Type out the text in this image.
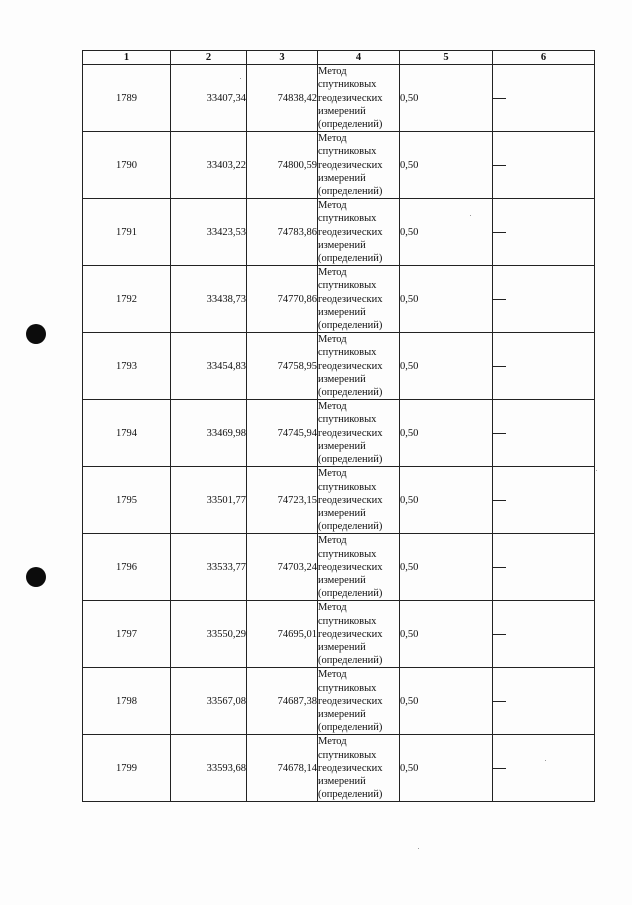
1	2	3	4	5	6
1789	33407,34	74838,42	Метод
спутниковых
геодезических
измерений
(определений)	0,50	
1790	33403,22	74800,59	Метод
спутниковых
геодезических
измерений
(определений)	0,50	
1791	33423,53	74783,86	Метод
спутниковых
геодезических
измерений
(определений)	0,50	
1792	33438,73	74770,86	Метод
спутниковых
геодезических
измерений
(определений)	0,50	
1793	33454,83	74758,95	Метод
спутниковых
геодезических
измерений
(определений)	0,50	
1794	33469,98	74745,94	Метод
спутниковых
геодезических
измерений
(определений)	0,50	
1795	33501,77	74723,15	Метод
спутниковых
геодезических
измерений
(определений)	0,50	
1796	33533,77	74703,24	Метод
спутниковых
геодезических
измерений
(определений)	0,50	
1797	33550,29	74695,01	Метод
спутниковых
геодезических
измерений
(определений)	0,50	
1798	33567,08	74687,38	Метод
спутниковых
геодезических
измерений
(определений)	0,50	
1799	33593,68	74678,14	Метод
спутниковых
геодезических
измерений
(определений)	0,50	
